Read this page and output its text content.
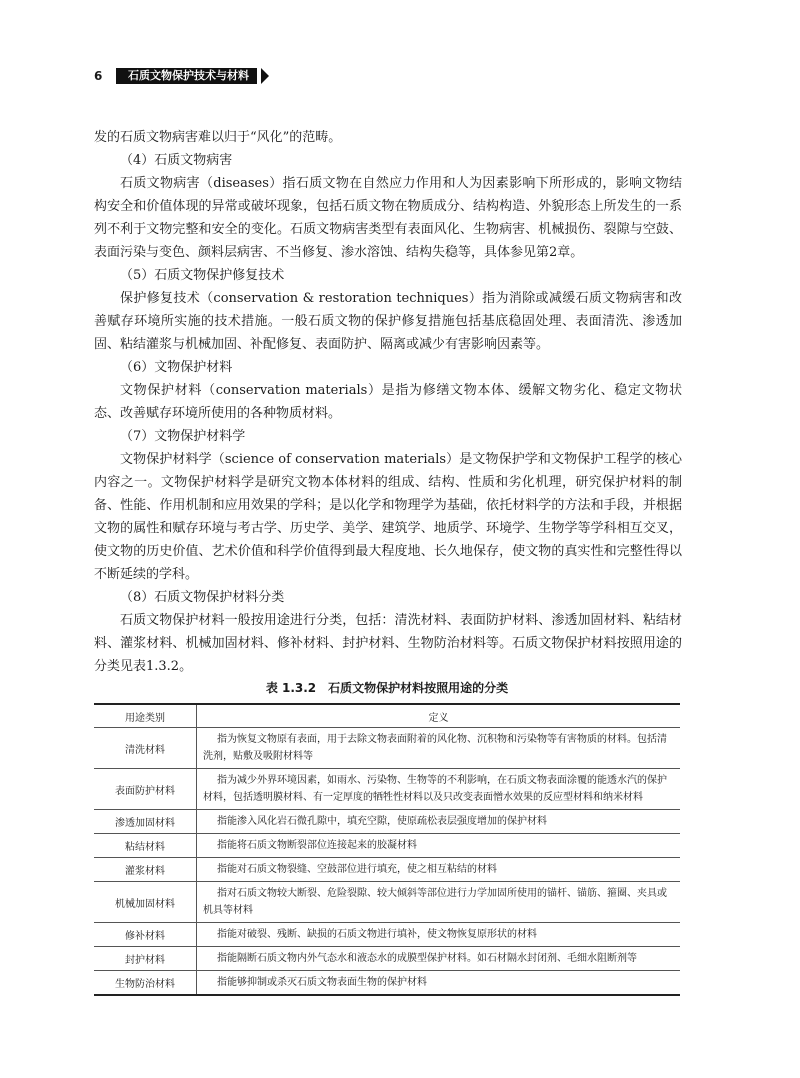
6	石质文物保护技术与材料

发的石质文物病害难以归于“风化”的范畴。

（4）石质文物病害

石质文物病害（diseases）指石质文物在自然应力作用和人为因素影响下所形成的，影响文物结构安全和价值体现的异常或破坏现象，包括石质文物在物质成分、结构构造、外貌形态上所发生的一系列不利于文物完整和安全的变化。石质文物病害类型有表面风化、生物病害、机械损伤、裂隙与空鼓、表面污染与变色、颜料层病害、不当修复、渗水溶蚀、结构失稳等，具体参见第2章。

（5）石质文物保护修复技术

保护修复技术（conservation & restoration techniques）指为消除或减缓石质文物病害和改善赋存环境所实施的技术措施。一般石质文物的保护修复措施包括基底稳固处理、表面清洗、渗透加固、粘结灌浆与机械加固、补配修复、表面防护、隔离或减少有害影响因素等。

（6）文物保护材料

文物保护材料（conservation materials）是指为修缮文物本体、缓解文物劣化、稳定文物状态、改善赋存环境所使用的各种物质材料。

（7）文物保护材料学

文物保护材料学（science of conservation materials）是文物保护学和文物保护工程学的核心内容之一。文物保护材料学是研究文物本体材料的组成、结构、性质和劣化机理，研究保护材料的制备、性能、作用机制和应用效果的学科；是以化学和物理学为基础，依托材料学的方法和手段，并根据文物的属性和赋存环境与考古学、历史学、美学、建筑学、地质学、环境学、生物学等学科相互交叉，使文物的历史价值、艺术价值和科学价值得到最大程度地、长久地保存，使文物的真实性和完整性得以不断延续的学科。

（8）石质文物保护材料分类

石质文物保护材料一般按用途进行分类，包括：清洗材料、表面防护材料、渗透加固材料、粘结材料、灌浆材料、机械加固材料、修补材料、封护材料、生物防治材料等。石质文物保护材料按照用途的分类见表1.3.2。

表 1.3.2　石质文物保护材料按照用途的分类
用途类别	定义
清洗材料	指为恢复文物原有表面，用于去除文物表面附着的风化物、沉积物和污染物等有害物质的材料。包括清洗剂，贴敷及吸附材料等
表面防护材料	指为减少外界环境因素，如雨水、污染物、生物等的不利影响，在石质文物表面涂覆的能透水汽的保护材料，包括透明膜材料、有一定厚度的牺牲性材料以及只改变表面憎水效果的反应型材料和纳米材料
渗透加固材料	指能渗入风化岩石微孔隙中，填充空隙，使原疏松表层强度增加的保护材料
粘结材料	指能将石质文物断裂部位连接起来的胶凝材料
灌浆材料	指能对石质文物裂缝、空鼓部位进行填充，使之相互粘结的材料
机械加固材料	指对石质文物较大断裂、危险裂隙、较大倾斜等部位进行力学加固所使用的锚杆、锚筋、箍圈、夹具或机具等材料
修补材料	指能对破裂、残断、缺损的石质文物进行填补，使文物恢复原形状的材料
封护材料	指能隔断石质文物内外气态水和液态水的成膜型保护材料。如石材隔水封闭剂、毛细水阻断剂等
生物防治材料	指能够抑制或杀灭石质文物表面生物的保护材料
